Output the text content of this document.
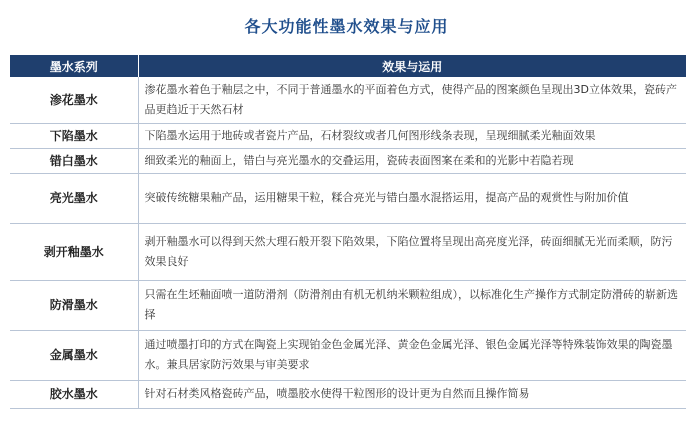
各大功能性墨水效果与应用
墨水系列	效果与运用
渗花墨水	渗花墨水着色于釉层之中，不同于普通墨水的平面着色方式，使得产品的图案颜色呈现出3D立体效果，瓷砖产品更趋近于天然石材
下陷墨水	下陷墨水运用于地砖或者瓷片产品，石材裂纹或者几何图形线条表现，呈现细腻柔光釉面效果
错白墨水	细致柔光的釉面上，错白与亮光墨水的交叠运用，瓷砖表面图案在柔和的光影中若隐若现
亮光墨水	突破传统糖果釉产品，运用糖果干粒，糅合亮光与错白墨水混搭运用，提高产品的观赏性与附加价值
剥开釉墨水	剥开釉墨水可以得到天然大理石般开裂下陷效果，下陷位置将呈现出高亮度光泽，砖面细腻无光而柔顺，防污效果良好
防滑墨水	只需在生坯釉面喷一道防滑剂（防滑剂由有机无机纳米颗粒组成），以标准化生产操作方式制定防滑砖的崭新选择
金属墨水	通过喷墨打印的方式在陶瓷上实现铂金色金属光泽、黄金色金属光泽、银色金属光泽等特殊装饰效果的陶瓷墨水。兼具居家防污效果与审美要求
胶水墨水	针对石材类风格瓷砖产品，喷墨胶水使得干粒图形的设计更为自然而且操作简易
